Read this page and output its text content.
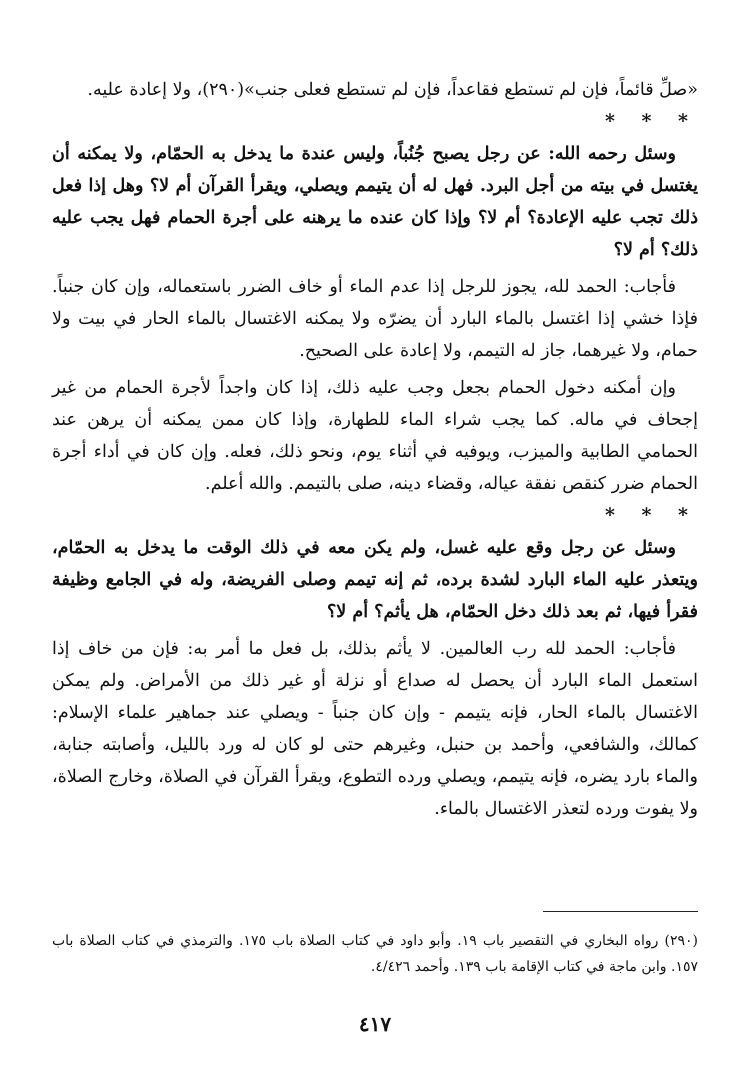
«صلِّ قائماً، فإن لم تستطع فقاعداً، فإن لم تستطع فعلى جنب»(٢٩٠)، ولا إعادة عليه.

* * *

وسئل رحمه الله: عن رجل يصبح جُنُباً، وليس عندة ما يدخل به الحمّام، ولا يمكنه أن يغتسل في بيته من أجل البرد. فهل له أن يتيمم ويصلي، ويقرأ القرآن أم لا؟ وهل إذا فعل ذلك تجب عليه الإعادة؟ أم لا؟ وإذا كان عنده ما يرهنه على أجرة الحمام فهل يجب عليه ذلك؟ أم لا؟

فأجاب: الحمد لله، يجوز للرجل إذا عدم الماء أو خاف الضرر باستعماله، وإن كان جنباً. فإذا خشي إذا اغتسل بالماء البارد أن يضرّه ولا يمكنه الاغتسال بالماء الحار في بيت ولا حمام، ولا غيرهما، جاز له التيمم، ولا إعادة على الصحيح.

وإن أمكنه دخول الحمام بجعل وجب عليه ذلك، إذا كان واجداً لأجرة الحمام من غير إجحاف في ماله. كما يجب شراء الماء للطهارة، وإذا كان ممن يمكنه أن يرهن عند الحمامي الطابية والميزب، ويوفيه في أثناء يوم، ونحو ذلك، فعله. وإن كان في أداء أجرة الحمام ضرر كنقص نفقة عياله، وقضاء دينه، صلى بالتيمم. والله أعلم.

* * *

وسئل عن رجل وقع عليه غسل، ولم يكن معه في ذلك الوقت ما يدخل به الحمّام، ويتعذر عليه الماء البارد لشدة برده، ثم إنه تيمم وصلى الفريضة، وله في الجامع وظيفة فقرأ فيها، ثم بعد ذلك دخل الحمّام، هل يأثم؟ أم لا؟

فأجاب: الحمد لله رب العالمين. لا يأثم بذلك، بل فعل ما أمر به: فإن من خاف إذا استعمل الماء البارد أن يحصل له صداع أو نزلة أو غير ذلك من الأمراض. ولم يمكن الاغتسال بالماء الحار، فإنه يتيمم - وإن كان جنباً - ويصلي عند جماهير علماء الإسلام: كمالك، والشافعي، وأحمد بن حنبل، وغيرهم حتى لو كان له ورد بالليل، وأصابته جنابة، والماء بارد يضره، فإنه يتيمم، ويصلي ورده التطوع، ويقرأ القرآن في الصلاة، وخارج الصلاة، ولا يفوت ورده لتعذر الاغتسال بالماء.

(٢٩٠) رواه البخاري في التقصير باب ١٩. وأبو داود في كتاب الصلاة باب ١٧٥. والترمذي في كتاب الصلاة باب ١٥٧. وابن ماجة في كتاب الإقامة باب ١٣٩. وأحمد ٤/٤٢٦.

٤١٧
